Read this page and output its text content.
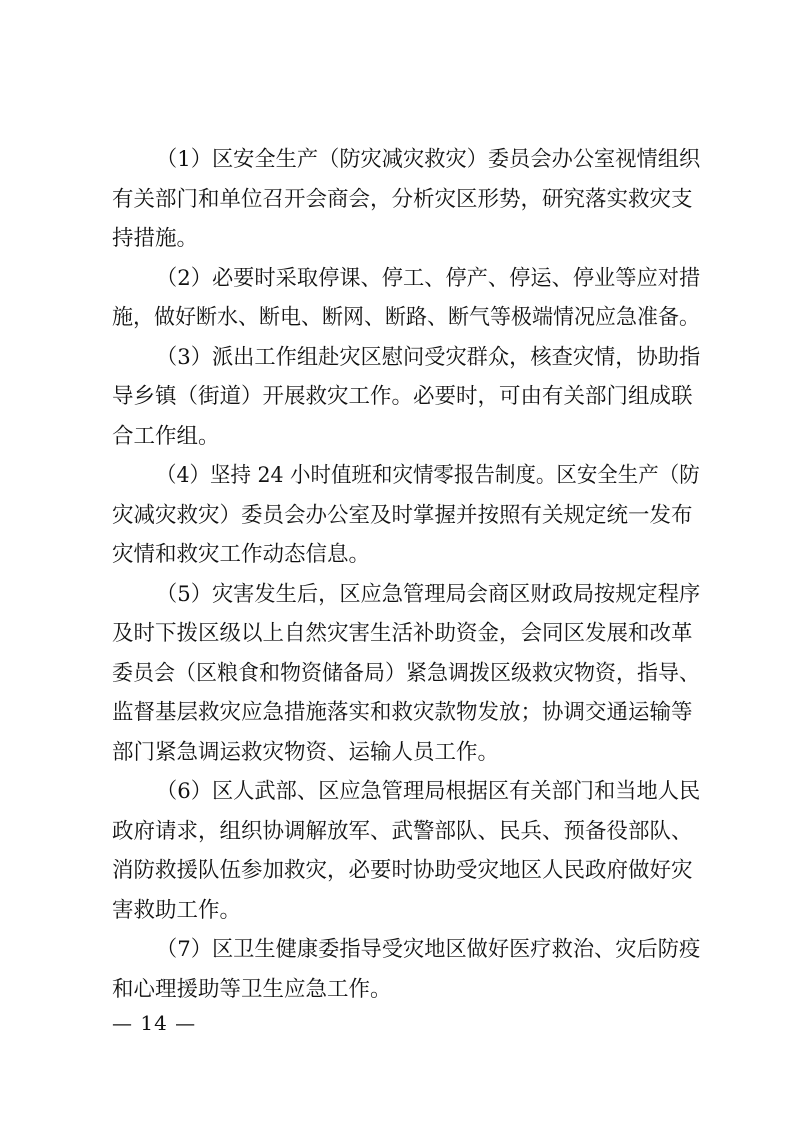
（1）区安全生产（防灾减灾救灾）委员会办公室视情组织
有关部门和单位召开会商会，分析灾区形势，研究落实救灾支
持措施。
（2）必要时采取停课、停工、停产、停运、停业等应对措
施，做好断水、断电、断网、断路、断气等极端情况应急准备。
（3）派出工作组赴灾区慰问受灾群众，核查灾情，协助指
导乡镇（街道）开展救灾工作。必要时，可由有关部门组成联
合工作组。
（4）坚持 24 小时值班和灾情零报告制度。区安全生产（防
灾减灾救灾）委员会办公室及时掌握并按照有关规定统一发布
灾情和救灾工作动态信息。
（5）灾害发生后，区应急管理局会商区财政局按规定程序
及时下拨区级以上自然灾害生活补助资金，会同区发展和改革
委员会（区粮食和物资储备局）紧急调拨区级救灾物资，指导、
监督基层救灾应急措施落实和救灾款物发放；协调交通运输等
部门紧急调运救灾物资、运输人员工作。
（6）区人武部、区应急管理局根据区有关部门和当地人民
政府请求，组织协调解放军、武警部队、民兵、预备役部队、
消防救援队伍参加救灾，必要时协助受灾地区人民政府做好灾
害救助工作。
（7）区卫生健康委指导受灾地区做好医疗救治、灾后防疫
和心理援助等卫生应急工作。
— 14 —
